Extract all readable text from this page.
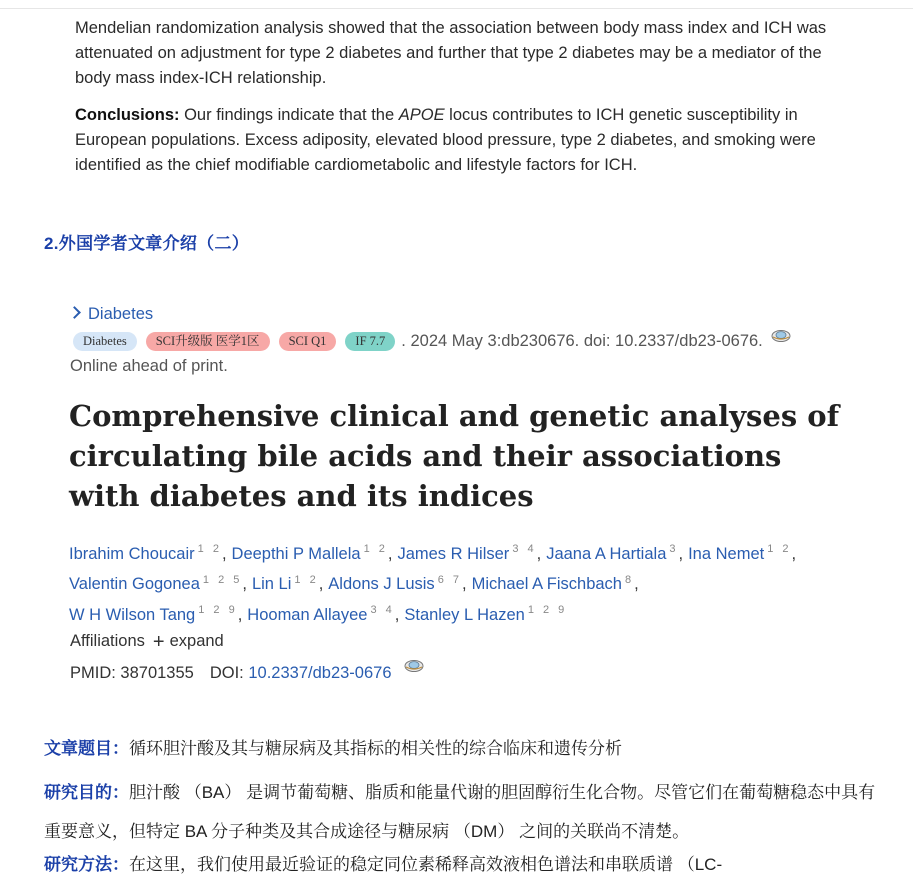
Mendelian randomization analysis showed that the association between body mass index and ICH was attenuated on adjustment for type 2 diabetes and further that type 2 diabetes may be a mediator of the body mass index-ICH relationship.

Conclusions: Our findings indicate that the APOE locus contributes to ICH genetic susceptibility in European populations. Excess adiposity, elevated blood pressure, type 2 diabetes, and smoking were identified as the chief modifiable cardiometabolic and lifestyle factors for ICH.

2.外国学者文章介绍（二）
Diabetes
Diabetes	SCI升级版 医学1区	SCI Q1	IF 7.7 . 2024 May 3:db230676. doi: 10.2337/db23-0676.
Online ahead of print.
Comprehensive clinical and genetic analyses of circulating bile acids and their associations with diabetes and its indices
Ibrahim Choucair $^{1 2}$, Deepthi P Mallela $^{1 2}$, James R Hilser $^{3 4}$, Jaana A Hartiala $^3$, Ina Nemet $^{1 2}$,
Valentin Gogonea $^{1 2 5}$, Lin Li $^{1 2}$, Aldons J Lusis $^{6 7}$, Michael A Fischbach $^8$,
W H Wilson Tang $^{1 2 9}$, Hooman Allayee $^{3 4}$, Stanley L Hazen $^{1 2 9}$
Affiliations + expand
PMID: 38701355 DOI: 10.2337/db23-0676

文章题目：循环胆汁酸及其与糖尿病及其指标的相关性的综合临床和遗传分析

研究目的：胆汁酸 （BA） 是调节葡萄糖、脂质和能量代谢的胆固醇衍生化合物。尽管它们在葡萄糖稳态中具有重要意义，但特定 BA 分子种类及其合成途径与糖尿病 （DM） 之间的关联尚不清楚。

研究方法：在这里，我们使用最近验证的稳定同位素稀释高效液相色谱法和串联质谱 （LC-
